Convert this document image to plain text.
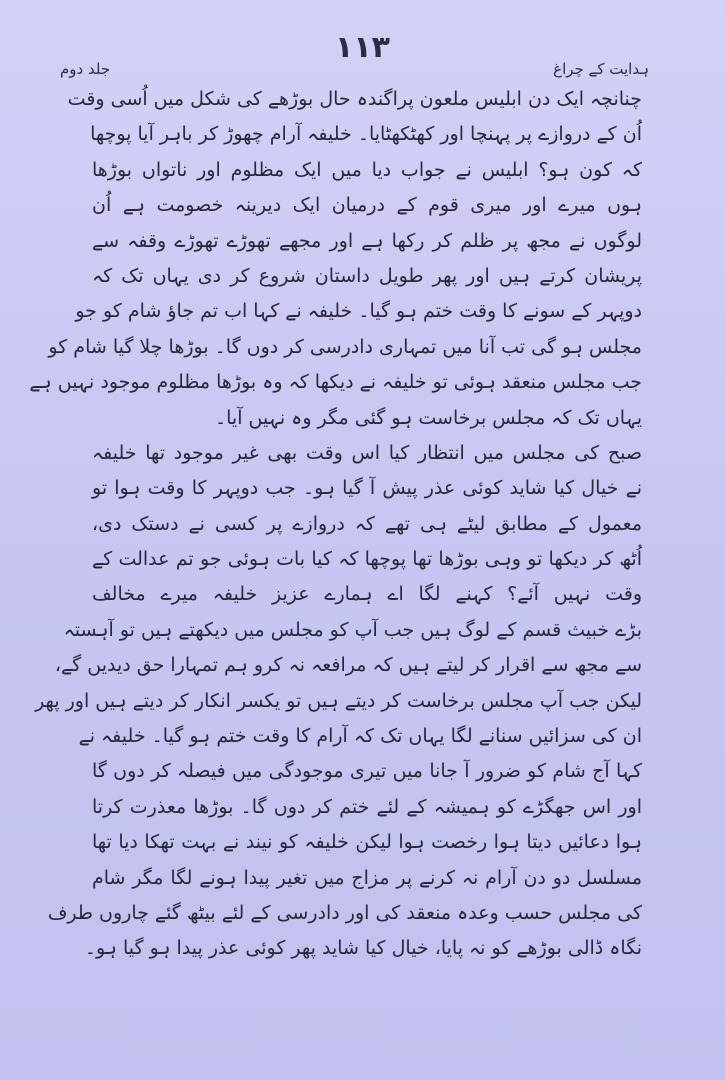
۱۱۳
ہدایت کے چراغ
جلد دوم
چنانچہ ایک دن ابلیس ملعون پراگندہ حال بوڑھے کی شکل میں اُسی وقت
اُن کے دروازے پر پہنچا اور کھٹکھٹایا۔ خلیفہ آرام چھوڑ کر باہر آیا پوچھا
کہ کون ہو؟ ابلیس نے جواب دیا میں ایک مظلوم اور ناتواں بوڑھا
ہوں میرے اور میری قوم کے درمیان ایک دیرینہ خصومت ہے اُن
لوگوں نے مجھ پر ظلم کر رکھا ہے اور مجھے تھوڑے تھوڑے وقفہ سے
پریشان کرتے ہیں اور پھر طویل داستان شروع کر دی یہاں تک کہ
دوپہر کے سونے کا وقت ختم ہو گیا۔ خلیفہ نے کہا اب تم جاؤ شام کو جو
مجلس ہو گی تب آنا میں تمہاری دادرسی کر دوں گا۔ بوڑھا چلا گیا شام کو
جب مجلس منعقد ہوئی تو خلیفہ نے دیکھا کہ وہ بوڑھا مظلوم موجود نہیں ہے
یہاں تک کہ مجلس برخاست ہو گئی مگر وہ نہیں آیا۔
صبح کی مجلس میں انتظار کیا اس وقت بھی غیر موجود تھا خلیفہ
نے خیال کیا شاید کوئی عذر پیش آ گیا ہو۔ جب دوپہر کا وقت ہوا تو
معمول کے مطابق لیٹے ہی تھے کہ دروازے پر کسی نے دستک دی،
اُٹھ کر دیکھا تو وہی بوڑھا تھا پوچھا کہ کیا بات ہوئی جو تم عدالت کے
وقت نہیں آئے؟ کہنے لگا اے ہمارے عزیز خلیفہ میرے مخالف
بڑے خبیث قسم کے لوگ ہیں جب آپ کو مجلس میں دیکھتے ہیں تو آہستہ
سے مجھ سے اقرار کر لیتے ہیں کہ مرافعہ نہ کرو ہم تمہارا حق دیدیں گے،
لیکن جب آپ مجلس برخاست کر دیتے ہیں تو یکسر انکار کر دیتے ہیں اور پھر
ان کی سزائیں سنانے لگا یہاں تک کہ آرام کا وقت ختم ہو گیا۔ خلیفہ نے
کہا آج شام کو ضرور آ جانا میں تیری موجودگی میں فیصلہ کر دوں گا
اور اس جھگڑے کو ہمیشہ کے لئے ختم کر دوں گا۔ بوڑھا معذرت کرتا
ہوا دعائیں دیتا ہوا رخصت ہوا لیکن خلیفہ کو نیند نے بہت تھکا دیا تھا
مسلسل دو دن آرام نہ کرنے پر مزاج میں تغیر پیدا ہونے لگا مگر شام
کی مجلس حسب وعدہ منعقد کی اور دادرسی کے لئے بیٹھ گئے چاروں طرف
نگاہ ڈالی بوڑھے کو نہ پایا، خیال کیا شاید پھر کوئی عذر پیدا ہو گیا ہو۔
